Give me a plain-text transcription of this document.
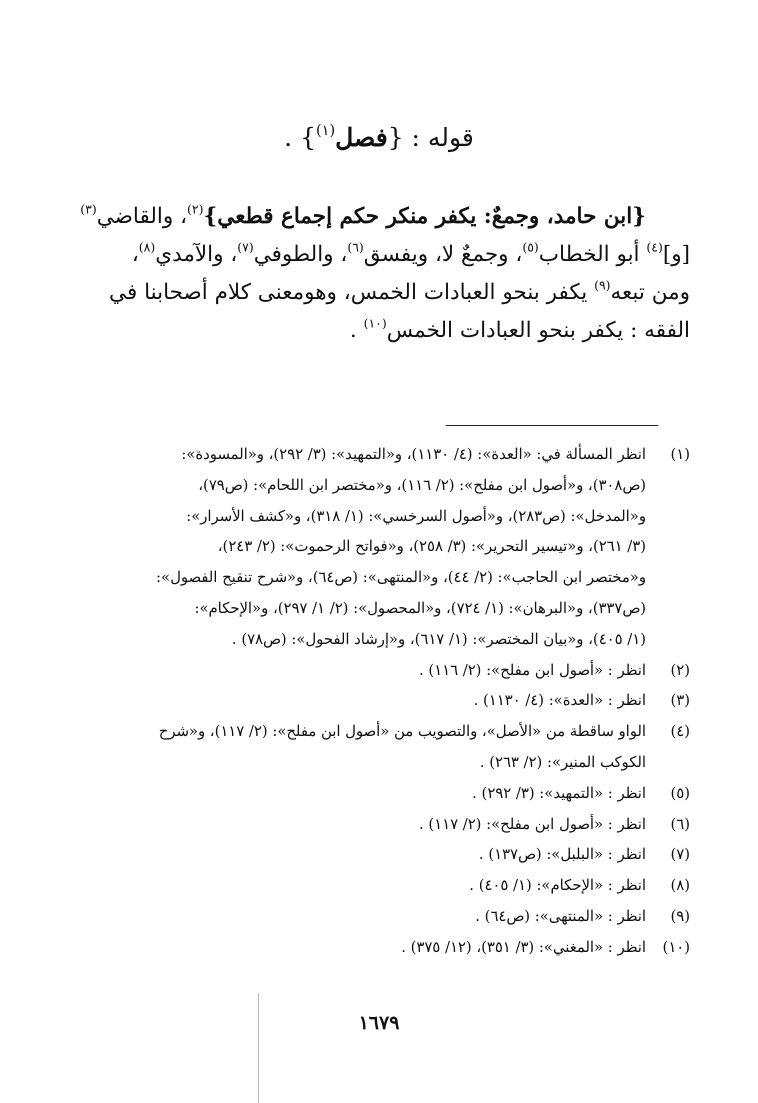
قوله : {فصل$^{(١)}$} .
{ابن حامد، وجمعٌ: يكفر منكر حكم إجماع قطعي}$^{(٢)}$، والقاضي$^{(٣)}$
[و]$^{(٤)}$ أبو الخطاب$^{(٥)}$، وجمعٌ لا، ويفسق$^{(٦)}$، والطوفي$^{(٧)}$، والآمدي$^{(٨)}$،
ومن تبعه$^{(٩)}$ يكفر بنحو العبادات الخمس، وهومعنى كلام أصحابنا في
الفقه : يكفر بنحو العبادات الخمس$^{(١٠)}$ .
(١)
انظر المسألة في: «العدة»: (٤/ ١١٣٠)، و«التمهيد»: (٣/ ٢٩٢)، و«المسودة»:
(ص٣٠٨)، و«أصول ابن مفلح»: (٢/ ١١٦)، و«مختصر ابن اللحام»: (ص٧٩)،
و«المدخل»: (ص٢٨٣)، و«أصول السرخسي»: (١/ ٣١٨)، و«كشف الأسرار»:
(٣/ ٢٦١)، و«تيسير التحرير»: (٣/ ٢٥٨)، و«فواتح الرحموت»: (٢/ ٢٤٣)،
و«مختصر ابن الحاجب»: (٢/ ٤٤)، و«المنتهى»: (ص٦٤)، و«شرح تنقيح الفصول»:
(ص٣٣٧)، و«البرهان»: (١/ ٧٢٤)، و«المحصول»: (٢/ ١/ ٢٩٧)، و«الإحكام»:
(١/ ٤٠٥)، و«بيان المختصر»: (١/ ٦١٧)، و«إرشاد الفحول»: (ص٧٨) .
(٢)
انظر : «أصول ابن مفلح»: (٢/ ١١٦) .
(٣)
انظر : «العدة»: (٤/ ١١٣٠) .
(٤)
الواو ساقطة من «الأصل»، والتصويب من «أصول ابن مفلح»: (٢/ ١١٧)، و«شرح
الكوكب المنير»: (٢/ ٢٦٣) .
(٥)
انظر : «التمهيد»: (٣/ ٢٩٢) .
(٦)
انظر : «أصول ابن مفلح»: (٢/ ١١٧) .
(٧)
انظر : «البلبل»: (ص١٣٧) .
(٨)
انظر : «الإحكام»: (١/ ٤٠٥) .
(٩)
انظر : «المنتهى»: (ص٦٤) .
(١٠)
انظر : «المغني»: (٣/ ٣٥١)، (١٢/ ٣٧٥) .
١٦٧٩
